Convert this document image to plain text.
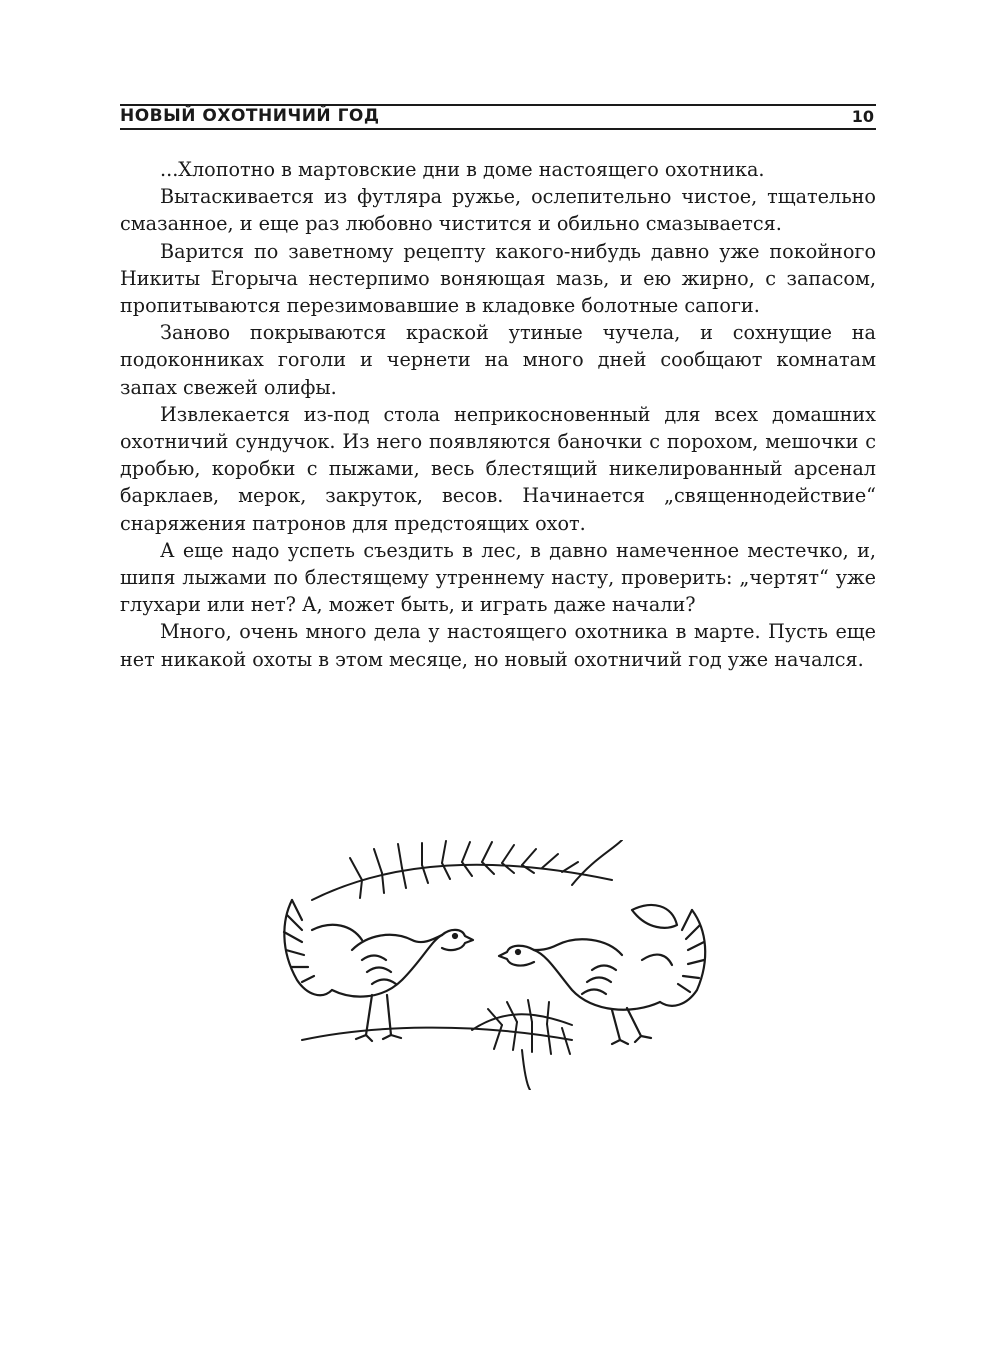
НОВЫЙ ОХОТНИЧИЙ ГОД	10

...Хлопотно в мартовские дни в доме настоящего охотника.

Вытаскивается из футляра ружье, ослепительно чистое, тщательно смазанное, и еще раз любовно чистится и обильно смазывается.

Варится по заветному рецепту какого-нибудь давно уже покойного Никиты Егорыча нестерпимо воняющая мазь, и ею жирно, с запасом, пропитываются перезимовавшие в кладовке болотные сапоги.

Заново покрываются краской утиные чучела, и сохнущие на подоконниках гоголи и чернети на много дней сообщают комнатам запах свежей олифы.

Извлекается из-под стола неприкосновенный для всех домашних охотничий сундучок. Из него появляются баночки с порохом, мешочки с дробью, коробки с пыжами, весь блестящий никелированный арсенал барклаев, мерок, закруток, весов. Начинается „священнодействие“ снаряжения патронов для предстоящих охот.

А еще надо успеть съездить в лес, в давно намеченное местечко, и, шипя лыжами по блестящему утреннему насту, проверить: „чертят“ уже глухари или нет? А, может быть, и играть даже начали?

Много, очень много дела у настоящего охотника в марте. Пусть еще нет никакой охоты в этом месяце, но новый охотничий год уже начался.
